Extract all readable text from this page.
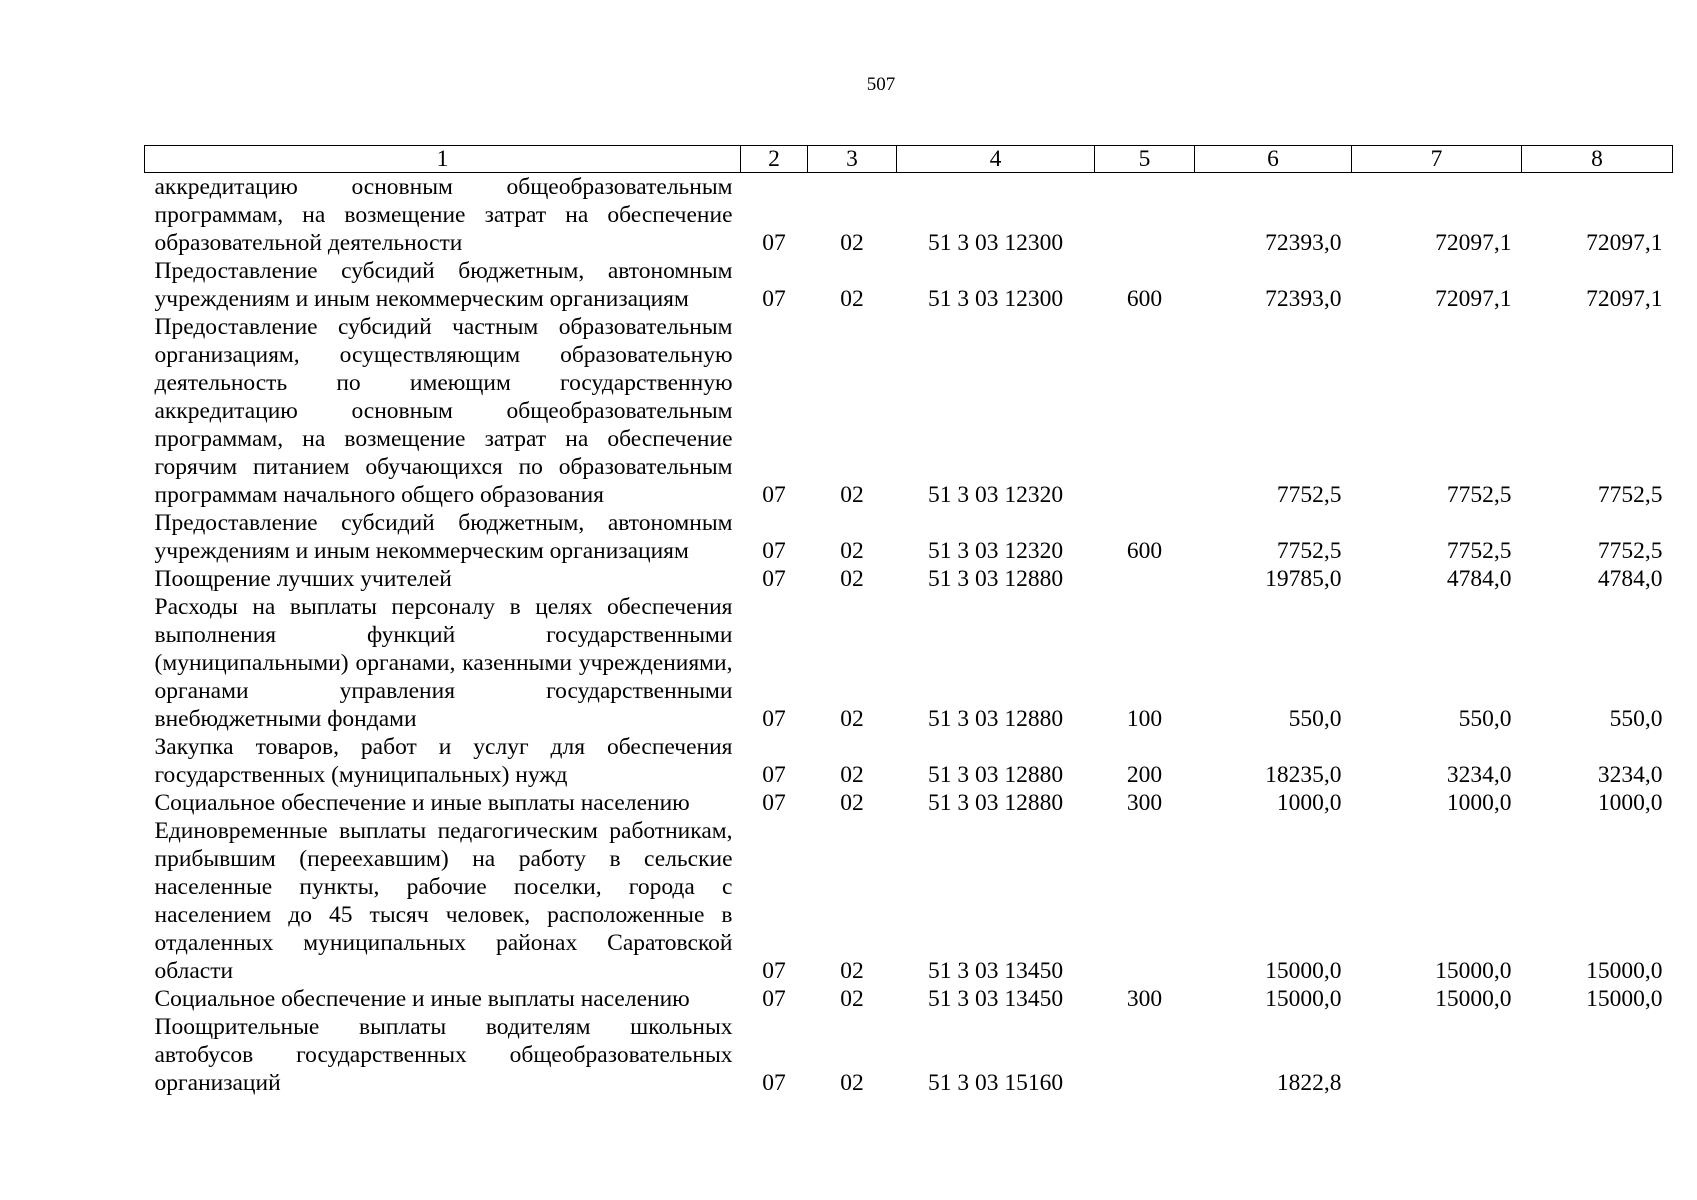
507
1	2	3	4	5	6	7	8
аккредитацию основным общеобразовательным программам, на возмещение затрат на обеспечение образовательной деятельности	07	02	51 3 03 12300		72393,0	72097,1	72097,1
Предоставление субсидий бюджетным, автономным учреждениям и иным некоммерческим организациям	07	02	51 3 03 12300	600	72393,0	72097,1	72097,1
Предоставление субсидий частным образовательным организациям, осуществляющим образовательную деятельность по имеющим государственную аккредитацию основным общеобразовательным программам, на возмещение затрат на обеспечение горячим питанием обучающихся по образовательным программам начального общего образования	07	02	51 3 03 12320		7752,5	7752,5	7752,5
Предоставление субсидий бюджетным, автономным учреждениям и иным некоммерческим организациям	07	02	51 3 03 12320	600	7752,5	7752,5	7752,5
Поощрение лучших учителей	07	02	51 3 03 12880		19785,0	4784,0	4784,0
Расходы на выплаты персоналу в целях обеспечения выполнения функций государственными (муниципальными) органами, казенными учреждениями, органами управления государственными внебюджетными фондами	07	02	51 3 03 12880	100	550,0	550,0	550,0
Закупка товаров, работ и услуг для обеспечения государственных (муниципальных) нужд	07	02	51 3 03 12880	200	18235,0	3234,0	3234,0
Социальное обеспечение и иные выплаты населению	07	02	51 3 03 12880	300	1000,0	1000,0	1000,0
Единовременные выплаты педагогическим работникам, прибывшим (переехавшим) на работу в сельские населенные пункты, рабочие поселки, города с населением до 45 тысяч человек, расположенные в отдаленных муниципальных районах Саратовской области	07	02	51 3 03 13450		15000,0	15000,0	15000,0
Социальное обеспечение и иные выплаты населению	07	02	51 3 03 13450	300	15000,0	15000,0	15000,0
Поощрительные выплаты водителям школьных автобусов государственных общеобразовательных организаций	07	02	51 3 03 15160		1822,8		
